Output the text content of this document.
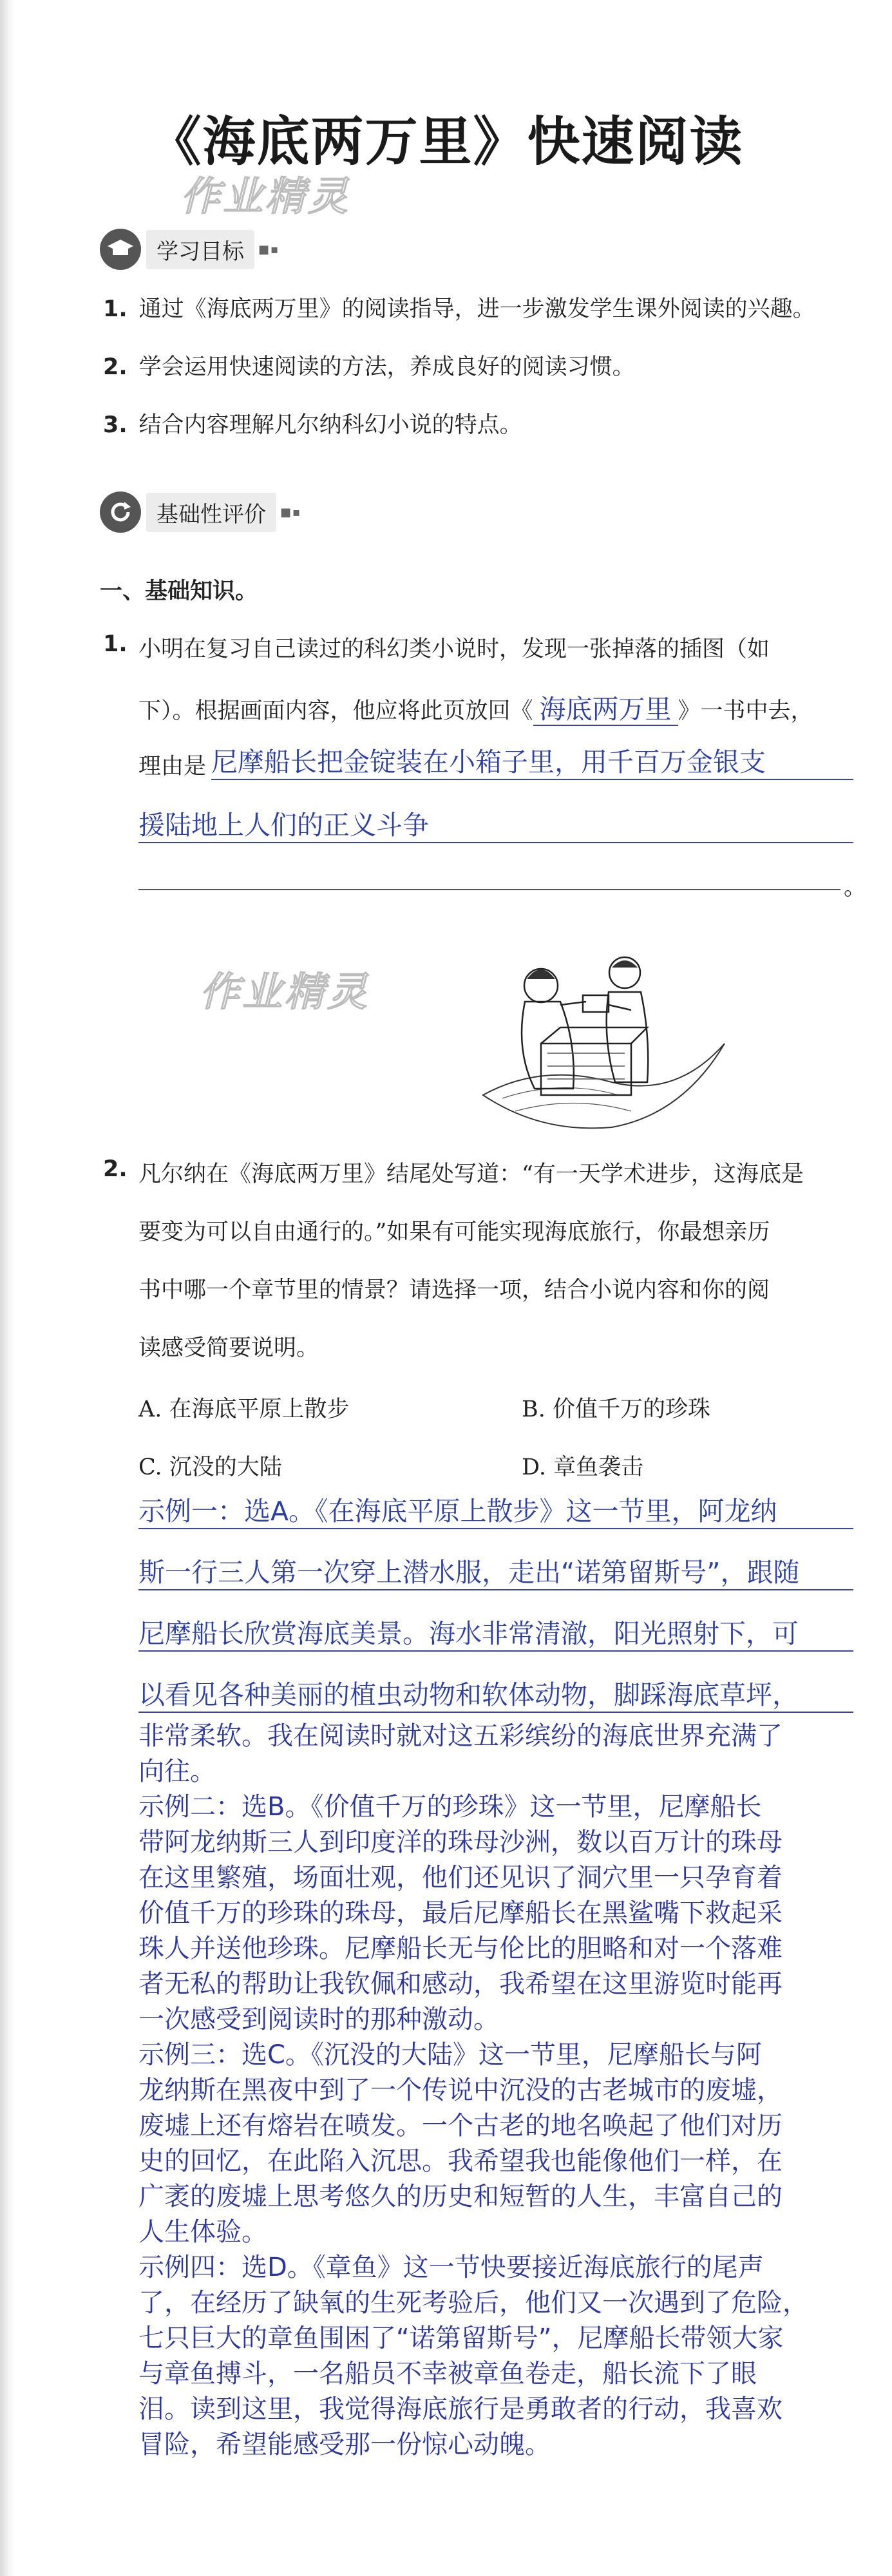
《海底两万里》快速阅读
作业精灵
作业精灵
学习目标	■▪
1. 通过《海底两万里》的阅读指导，进一步激发学生课外阅读的兴趣。
2. 学会运用快速阅读的方法，养成良好的阅读习惯。
3. 结合内容理解凡尔纳科幻小说的特点。
基础性评价	■▪
一、基础知识。
1. 小明在复习自己读过的科幻类小说时，发现一张掉落的插图（如
下）。根据画面内容，他应将此页放回《 海底两万里 》一书中去，
理由是 尼摩船长把金锭装在小箱子里，用千百万金银支
援陆地上人们的正义斗争
。
2. 凡尔纳在《海底两万里》结尾处写道：“有一天学术进步，这海底是
要变为可以自由通行的。”如果有可能实现海底旅行，你最想亲历
书中哪一个章节里的情景？请选择一项，结合小说内容和你的阅
读感受简要说明。
A. 在海底平原上散步	B. 价值千万的珍珠
C. 沉没的大陆	D. 章鱼袭击
示例一：选A。《在海底平原上散步》这一节里，阿龙纳
斯一行三人第一次穿上潜水服，走出“诺第留斯号”，跟随
尼摩船长欣赏海底美景。海水非常清澈，阳光照射下，可
以看见各种美丽的植虫动物和软体动物，脚踩海底草坪，
非常柔软。我在阅读时就对这五彩缤纷的海底世界充满了
向往。
示例二：选B。《价值千万的珍珠》这一节里，尼摩船长
带阿龙纳斯三人到印度洋的珠母沙洲，数以百万计的珠母
在这里繁殖，场面壮观，他们还见识了洞穴里一只孕育着
价值千万的珍珠的珠母，最后尼摩船长在黑鲨嘴下救起采
珠人并送他珍珠。尼摩船长无与伦比的胆略和对一个落难
者无私的帮助让我钦佩和感动，我希望在这里游览时能再
一次感受到阅读时的那种激动。
示例三：选C。《沉没的大陆》这一节里，尼摩船长与阿
龙纳斯在黑夜中到了一个传说中沉没的古老城市的废墟，
废墟上还有熔岩在喷发。一个古老的地名唤起了他们对历
史的回忆，在此陷入沉思。我希望我也能像他们一样，在
广袤的废墟上思考悠久的历史和短暂的人生，丰富自己的
人生体验。
示例四：选D。《章鱼》这一节快要接近海底旅行的尾声
了，在经历了缺氧的生死考验后，他们又一次遇到了危险，
七只巨大的章鱼围困了“诺第留斯号”，尼摩船长带领大家
与章鱼搏斗，一名船员不幸被章鱼卷走，船长流下了眼
泪。读到这里，我觉得海底旅行是勇敢者的行动，我喜欢
冒险，希望能感受那一份惊心动魄。
